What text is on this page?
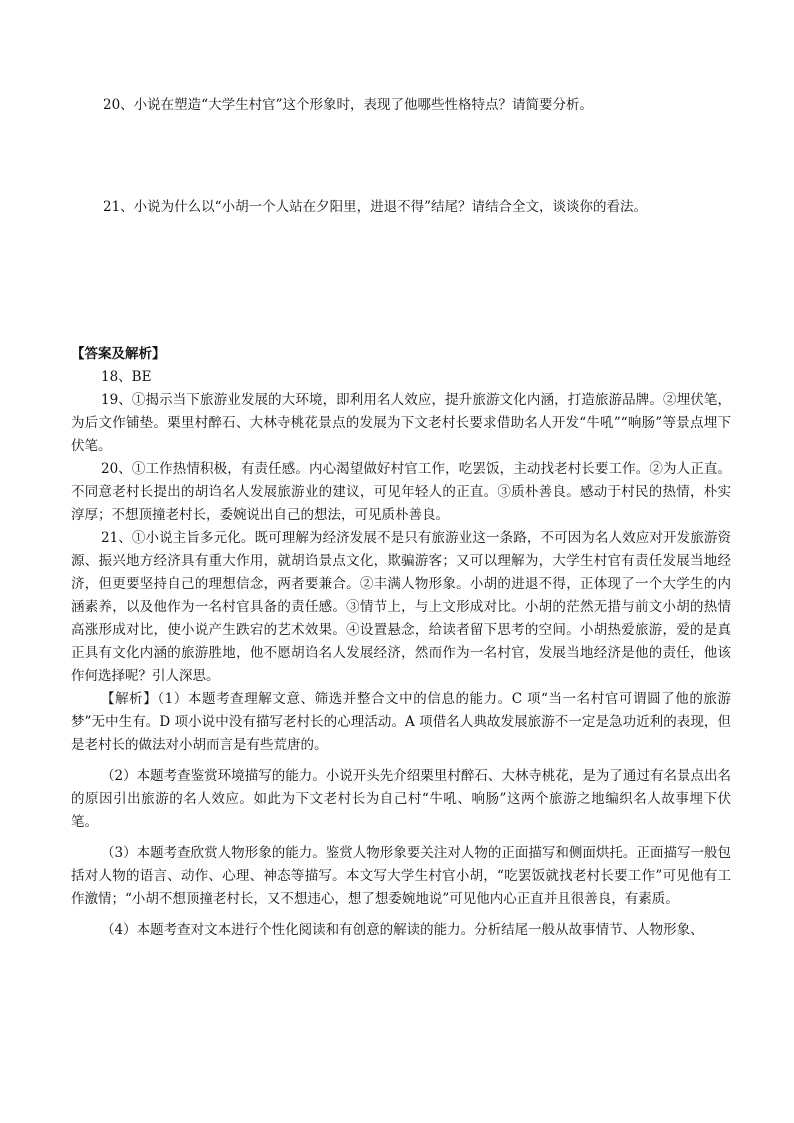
20、小说在塑造“大学生村官”这个形象时，表现了他哪些性格特点？请简要分析。
21、小说为什么以“小胡一个人站在夕阳里，进退不得”结尾？请结合全文，谈谈你的看法。

【答案及解析】

18、BE

19、①揭示当下旅游业发展的大环境，即利用名人效应，提升旅游文化内涵，打造旅游品牌。②埋伏笔，为后文作铺垫。栗里村醉石、大林寺桃花景点的发展为下文老村长要求借助名人开发“牛吼”“响肠”等景点埋下伏笔。

20、①工作热情积极，有责任感。内心渴望做好村官工作，吃罢饭，主动找老村长要工作。②为人正直。不同意老村长提出的胡诌名人发展旅游业的建议，可见年轻人的正直。③质朴善良。感动于村民的热情，朴实淳厚；不想顶撞老村长，委婉说出自己的想法，可见质朴善良。

21、①小说主旨多元化。既可理解为经济发展不是只有旅游业这一条路，不可因为名人效应对开发旅游资源、振兴地方经济具有重大作用，就胡诌景点文化，欺骗游客；又可以理解为，大学生村官有责任发展当地经济，但更要坚持自己的理想信念，两者要兼合。②丰满人物形象。小胡的进退不得，正体现了一个大学生的内涵素养，以及他作为一名村官具备的责任感。③情节上，与上文形成对比。小胡的茫然无措与前文小胡的热情高涨形成对比，使小说产生跌宕的艺术效果。④设置悬念，给读者留下思考的空间。小胡热爱旅游，爱的是真正具有文化内涵的旅游胜地，他不愿胡诌名人发展经济，然而作为一名村官，发展当地经济是他的责任，他该作何选择呢？引人深思。

【解析】（1）本题考查理解文意、筛选并整合文中的信息的能力。C 项“当一名村官可谓圆了他的旅游梦”无中生有。D 项小说中没有描写老村长的心理活动。A 项借名人典故发展旅游不一定是急功近利的表现，但是老村长的做法对小胡而言是有些荒唐的。

（2）本题考查鉴赏环境描写的能力。小说开头先介绍栗里村醉石、大林寺桃花，是为了通过有名景点出名的原因引出旅游的名人效应。如此为下文老村长为自己村“牛吼、响肠”这两个旅游之地编织名人故事埋下伏笔。

（3）本题考查欣赏人物形象的能力。鉴赏人物形象要关注对人物的正面描写和侧面烘托。正面描写一般包括对人物的语言、动作、心理、神态等描写。本文写大学生村官小胡，“吃罢饭就找老村长要工作”可见他有工作激情；“小胡不想顶撞老村长，又不想违心，想了想委婉地说”可见他内心正直并且很善良，有素质。

（4）本题考查对文本进行个性化阅读和有创意的解读的能力。分析结尾一般从故事情节、人物形象、
